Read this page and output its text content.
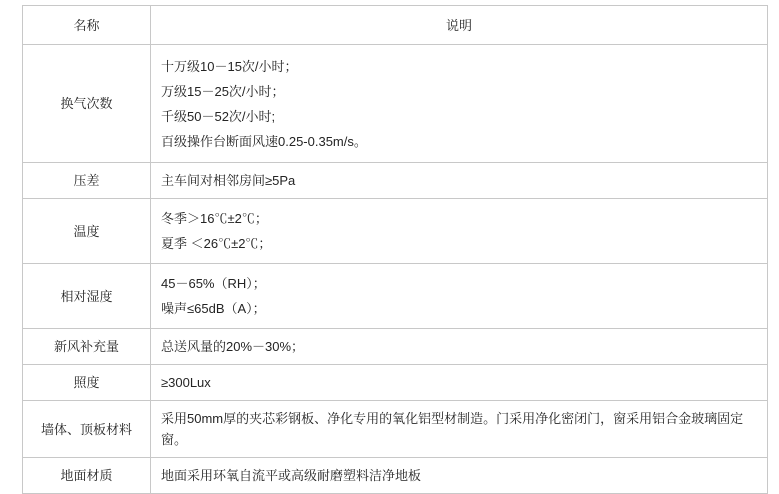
名称	说明
换气次数	十万级10－15次/小时；
万级15－25次/小时；
千级50－52次/小时;
百级操作台断面风速0.25-0.35m/s。

压差	主车间对相邻房间≥5Pa

温度	冬季＞16℃±2℃；
夏季 ＜26℃±2℃；

相对湿度	45－65%（RH）；
噪声≤65dB（A）；

新风补充量	总送风量的20%－30%；

照度	≥300Lux

墙体、顶板材料	采用50mm厚的夹芯彩钢板、净化专用的氧化铝型材制造。门采用净化密闭门，窗采用铝合金玻璃固定窗。

地面材质	地面采用环氧自流平或高级耐磨塑料洁净地板
